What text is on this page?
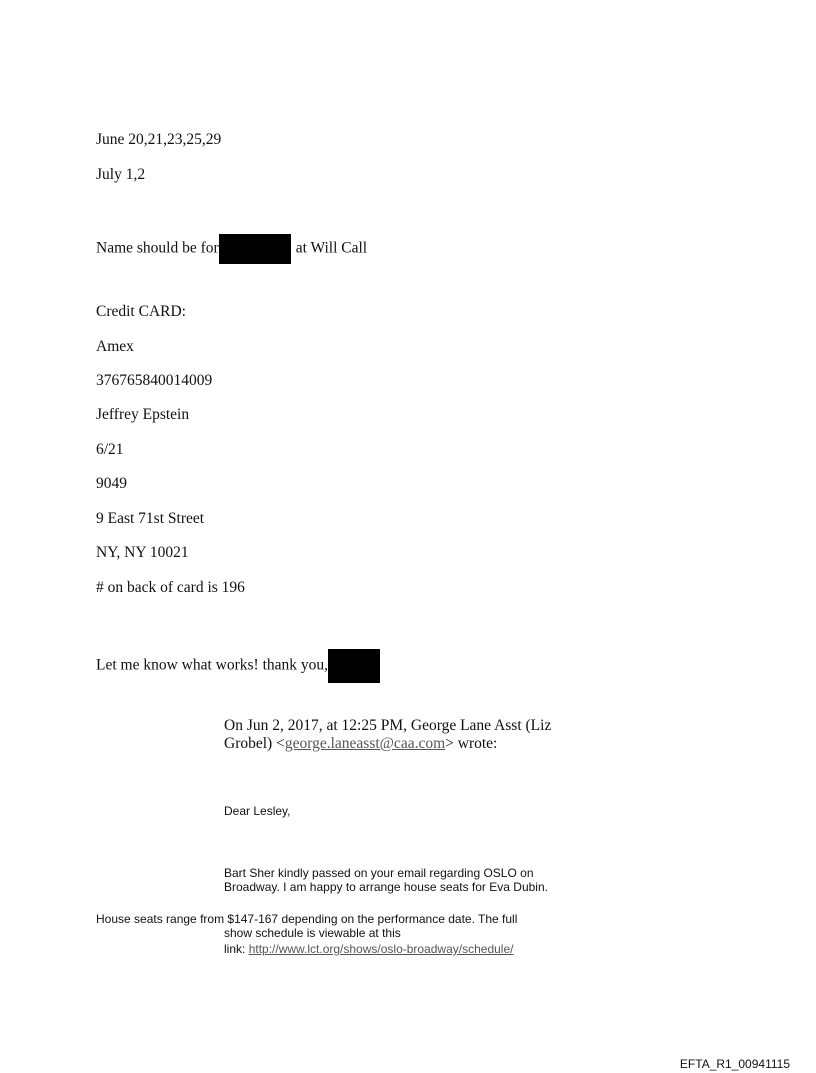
June 20,21,23,25,29
July 1,2
Name should be for	at Will Call
Credit CARD:
Amex
376765840014009
Jeffrey Epstein
6/21
9049
9 East 71st Street
NY, NY 10021
# on back of card is 196
Let me know what works! thank you,
On Jun 2, 2017, at 12:25 PM, George Lane Asst (Liz
Grobel) <george.laneasst@caa.com> wrote:
Dear Lesley,
Bart Sher kindly passed on your email regarding OSLO on
Broadway. I am happy to arrange house seats for Eva Dubin.
House seats range from $147-167 depending on the performance date. The full
show schedule is viewable at this
link: http://www.lct.org/shows/oslo-broadway/schedule/
EFTA_R1_00941115
